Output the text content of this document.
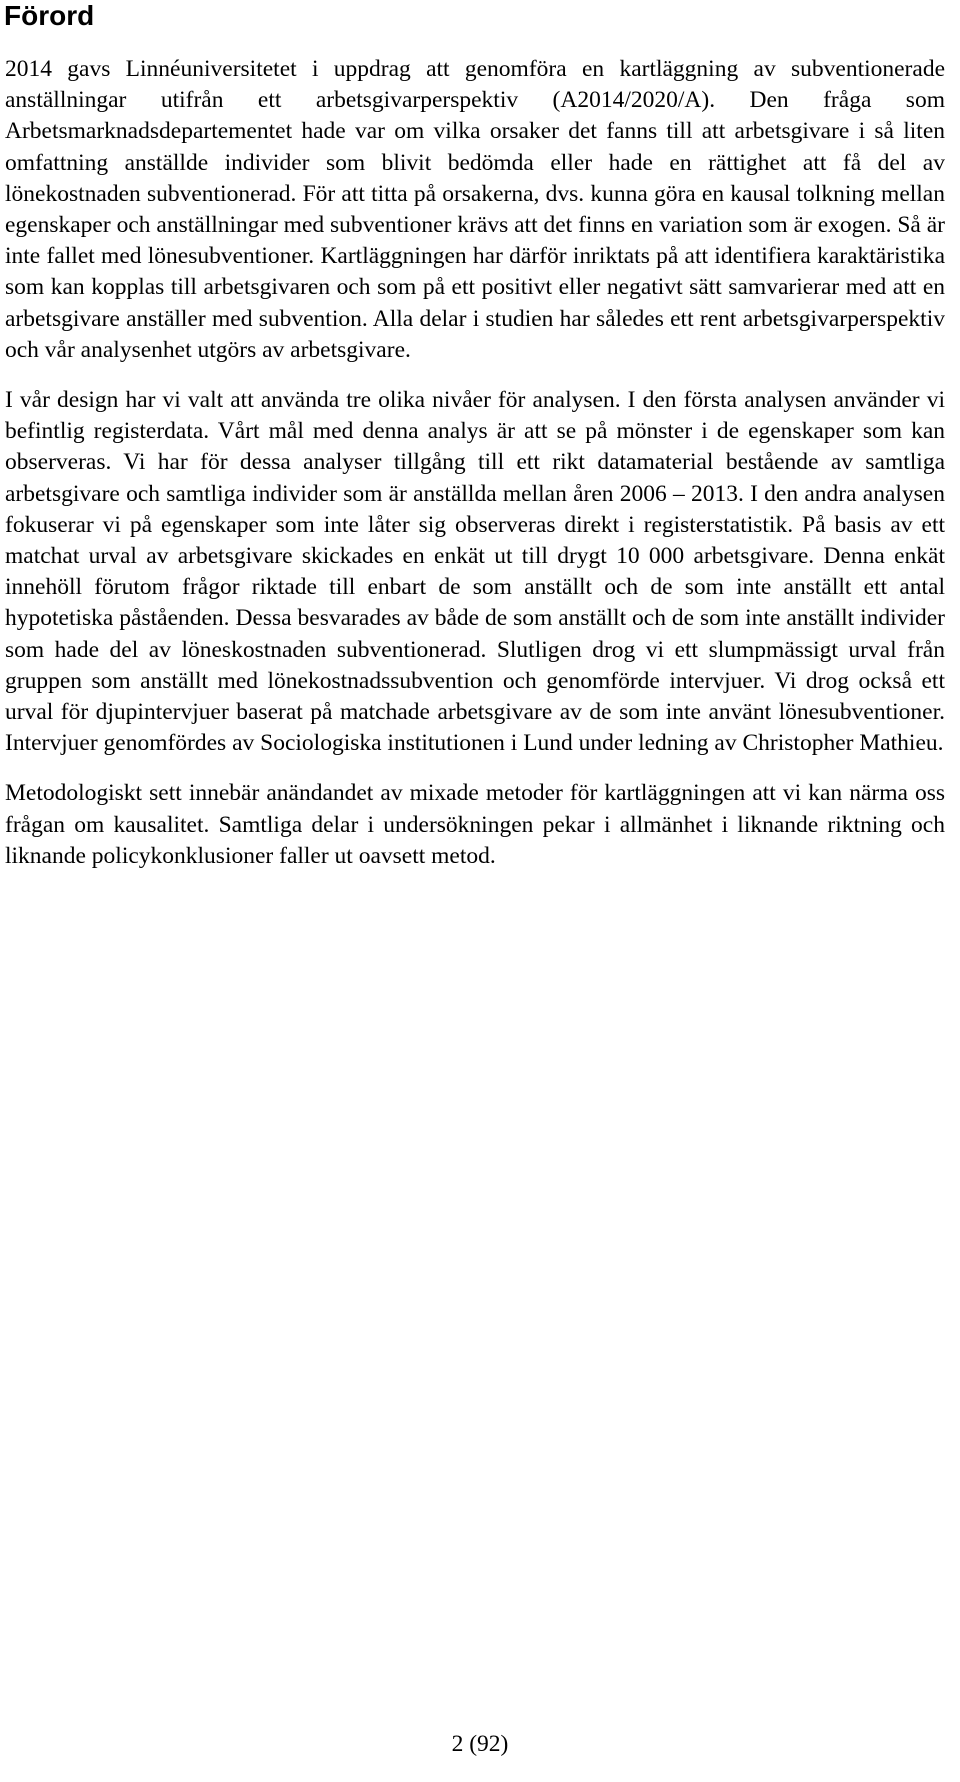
Förord

2014 gavs Linnéuniversitetet i uppdrag att genomföra en kartläggning av subventionerade anställningar utifrån ett arbetsgivarperspektiv (A2014/2020/A). Den fråga som Arbetsmarknadsdepartementet hade var om vilka orsaker det fanns till att arbetsgivare i så liten omfattning anställde individer som blivit bedömda eller hade en rättighet att få del av lönekostnaden subventionerad. För att titta på orsakerna, dvs. kunna göra en kausal tolkning mellan egenskaper och anställningar med subventioner krävs att det finns en variation som är exogen. Så är inte fallet med lönesubventioner. Kartläggningen har därför inriktats på att identifiera karaktäristika som kan kopplas till arbetsgivaren och som på ett positivt eller negativt sätt samvarierar med att en arbetsgivare anställer med subvention. Alla delar i studien har således ett rent arbetsgivarperspektiv och vår analysenhet utgörs av arbetsgivare.

I vår design har vi valt att använda tre olika nivåer för analysen. I den första analysen använder vi befintlig registerdata. Vårt mål med denna analys är att se på mönster i de egenskaper som kan observeras. Vi har för dessa analyser tillgång till ett rikt datamaterial bestående av samtliga arbetsgivare och samtliga individer som är anställda mellan åren 2006 – 2013. I den andra analysen fokuserar vi på egenskaper som inte låter sig observeras direkt i registerstatistik. På basis av ett matchat urval av arbetsgivare skickades en enkät ut till drygt 10 000 arbetsgivare. Denna enkät innehöll förutom frågor riktade till enbart de som anställt och de som inte anställt ett antal hypotetiska påståenden. Dessa besvarades av både de som anställt och de som inte anställt individer som hade del av löneskostnaden subventionerad. Slutligen drog vi ett slumpmässigt urval från gruppen som anställt med lönekostnadssubvention och genomförde intervjuer. Vi drog också ett urval för djupintervjuer baserat på matchade arbetsgivare av de som inte använt lönesubventioner. Intervjuer genomfördes av Sociologiska institutionen i Lund under ledning av Christopher Mathieu.

Metodologiskt sett innebär anändandet av mixade metoder för kartläggningen att vi kan närma oss frågan om kausalitet. Samtliga delar i undersökningen pekar i allmänhet i liknande riktning och liknande policykonklusioner faller ut oavsett metod.

2 (92)
